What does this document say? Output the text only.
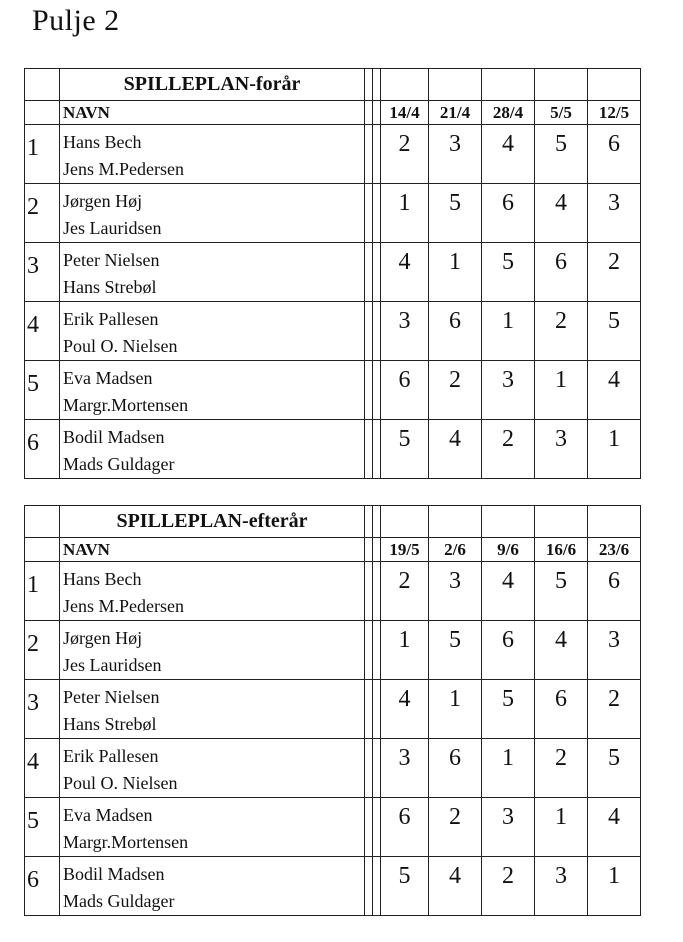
Pulje 2
	SPILLEPLAN-forår							
	NAVN			14/4	21/4	28/4	5/5	12/5
1	Hans Bech
Jens M.Pedersen			2	3	4	5	6
2	Jørgen Høj
Jes Lauridsen			1	5	6	4	3
3	Peter Nielsen
Hans Strebøl			4	1	5	6	2
4	Erik Pallesen
Poul O. Nielsen			3	6	1	2	5
5	Eva Madsen
Margr.Mortensen			6	2	3	1	4
6	Bodil Madsen
Mads Guldager			5	4	2	3	1
	SPILLEPLAN-efterår							
	NAVN			19/5	2/6	9/6	16/6	23/6
1	Hans Bech
Jens M.Pedersen			2	3	4	5	6
2	Jørgen Høj
Jes Lauridsen			1	5	6	4	3
3	Peter Nielsen
Hans Strebøl			4	1	5	6	2
4	Erik Pallesen
Poul O. Nielsen			3	6	1	2	5
5	Eva Madsen
Margr.Mortensen			6	2	3	1	4
6	Bodil Madsen
Mads Guldager			5	4	2	3	1
